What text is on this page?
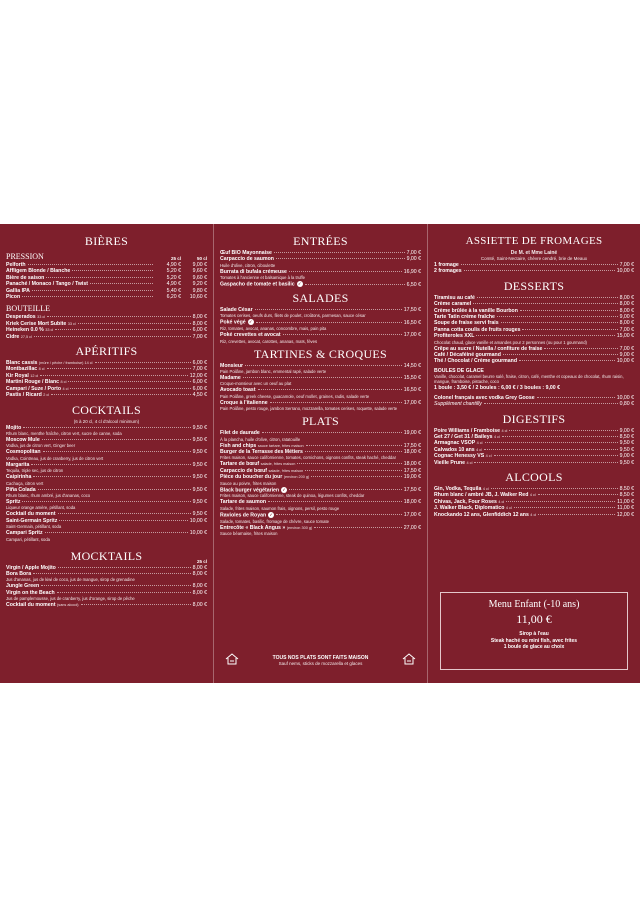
BIÈRES
PRESSION	25 cl	50 cl
Pelforth	4,90 €	9,00 €
Affligem Blonde / Blanche	5,20 €	9,60 €
Bière de saison	5,20 €	9,60 €
Panaché / Monaco / Tango / Twist	4,90 €	9,20 €
Gallia IPA	5,40 €	9,80 €
Picon	6,20 €	10,60 €
BOUTEILLE
Desperados 33 cl	8,00 €
Kriek Cerise Mort Subite 33 cl	8,00 €
Heineken 0.0 % 33 cl	6,00 €
Cidre 27,5 cl	7,00 €
APÉRITIFS
Blanc cassis (mûre / pêche / framboise) 14 cl	6,00 €
Montbazillac 8 cl	7,00 €
Kir Royal 12 cl	12,00 €
Martini Rouge / Blanc 8 cl	6,00 €
Campari / Suze / Porto 4 cl	6,00 €
Pastis / Ricard 2 cl	4,50 €
COCKTAILS
(6 à 20 cl, 4 cl d'alcool minimum)
Mojito	9,50 €
Rhum blanc, menthe fraîche, citron vert, sucre de canne, soda
Moscow Mule	9,50 €
Vodka, jus de citron vert, Ginger beer
Cosmopolitan	9,50 €
Vodka, Cointreau, jus de cranberry, jus de citron vert
Margarita	9,50 €
Tequila, triple sec, jus de citron
Caipirinha	9,50 €
Cachaça, citron vert
Piña Colada	9,50 €
Rhum blanc, rhum ambré, jus d'ananas, coco
Spritz	9,50 €
Liqueur orange amère, pétillant, soda
Cocktail du moment	9,50 €
Saint-Germain Spritz	10,00 €
Saint-Germain, pétillant, soda
Campari Spritz	10,00 €
Campari, pétillant, soda
MOCKTAILS	25 cl
Virgin / Apple Mojito	8,00 €
Bora Bora	8,00 €
Jus d'ananas, jus de kiwi de coco, jus de mangue, sirop de grenadine
Jungle Green	8,00 €
Virgin on the Beach	8,00 €
Jus de pamplemousse, jus de cranberry, jus d'orange, sirop de pêche
Cocktail du moment (sans alcool)	8,00 €
ENTRÉES
Œuf BIO Mayonnaise	7,00 €
Carpaccio de saumon	9,00 €
Huile d'olive, citron, ciboulette
Burrata di bufala crémeuse	16,90 €
Tomates à l'ancienne et balsamique à la truffe
Gaspacho de tomate et basilic ✓	6,50 €
SALADES
Salade César	17,50 €
Tomates cerises, oeufs durs, filets de poulet, croûtons, parmesan, sauce césar
Poké végé ✓	16,50 €
Riz, tomates, avocat, ananas, concombre, mais, pain pita
Poké crevettes et avocat	17,00 €
Riz, crevettes, avocat, carottes, ananas, maïs, fèves
TARTINES & CROQUES
Monsieur	14,50 €
Pain Poilâne, jambon blanc, emmental rapé, salade verte
Madame	15,50 €
Croque-monsieur avec un oeuf au plat
Avocado toast	16,50 €
Pain Poilâne, greek cheese, guacamole, oeuf mollet, graines, radis, salade verte
Croque à l'italienne	17,00 €
Pain Poilâne, pesto rouge, jambon Serrano, mozzarella, tomates cerises, roquette, salade verte
PLATS
Filet de daurade	19,00 €
À la plancha, huile d'olive, citron, ratatouille
Fish and chips sauce tartare, frites maison	17,50 €
Burger de la Terrasse des Métiers	18,00 €
Frites maison, sauce californienne, tomates, cornichons, oignons confits, steak haché, cheddar
Tartare de bœuf salade, frites maison	18,00 €
Carpaccio de bœuf salade, frites maison	17,50 €
Pièce du boucher du jour (environ 200 g)	19,00 €
Sauce au poivre, frites maison
Black burger végétarien ✓	17,50 €
Frites maison, sauce californienne, steak de quinoa, légumes confits, cheddar
Tartare de saumon	18,00 €
Salade, frites maison, saumon frais, oignons, persil, pesto rouge
Ravioles de Royan ✓	17,00 €
Salade, tomates, basilic, fromage de chèvre, sauce tomate
Entrecôte « Black Angus » (environ 300 g)	27,00 €
Sauce béarnaise, frites maison
TOUS NOS PLATS SONT FAITS MAISON
Sauf nems, sticks de mozzarella et glaces
ASSIETTE DE FROMAGES
De M. et Mme Lainé
Comté, Saint-Nectaire, chèvre cendré, brie de Meaux
1 fromage	7,00 €
2 fromages	10,00 €
DESSERTS
Tiramisu au café	8,00 €
Crème caramel	8,00 €
Crème brûlée à la vanille Bourbon	8,00 €
Tarte Tatin crème fraîche	9,00 €
Soupe de fraise servi frais	8,00 €
Panna cotta coulis de fruits rouges	7,00 €
Profiteroles XXL	15,00 €
Chocolat chaud, glace vanille et amandes pour 2 personnes (ou pour 1 gourmand)
Crêpe au sucre / Nutella / confiture de fraise	7,00 €
Café / Décaféiné gourmand	9,00 €
Thé / Chocolat / Crème gourmand	10,00 €
BOULES DE GLACE
Vanille, chocolat, caramel beurre salé, fraise, citron, café, menthe et copeaux de chocolat, rhum raisin, mangue, framboise, pistache, coco
1 boule : 3,50 € / 2 boules : 6,00 € / 3 boules : 9,00 €
Colonel français avec vodka Grey Goose	10,00 €
Supplément chantilly	0,80 €
DIGESTIFS
Poire Williams / Framboise 4 cl	9,00 €
Get 27 / Get 31 / Baileys 4 cl	8,50 €
Armagnac VSOP 4 cl	9,50 €
Calvados 10 ans 4 cl	9,50 €
Cognac Henessy VS 4 cl	9,00 €
Vieille Prune 4 cl	9,50 €
ALCOOLS
Gin, Vodka, Tequila 4 cl	8,50 €
Rhum blanc / ambré JB, J. Walker Red 4 cl	8,50 €
Chivas, Jack, Four Roses 4 cl	11,00 €
J. Walker Black, Diplomatico 4 cl	11,00 €
Knockando 12 ans, Glenfiddich 12 ans 4 cl	12,00 €
Menu Enfant (-10 ans)
11,00 €
Sirop à l'eau
Steak haché ou mini fish, avec frites
1 boule de glace au choix
